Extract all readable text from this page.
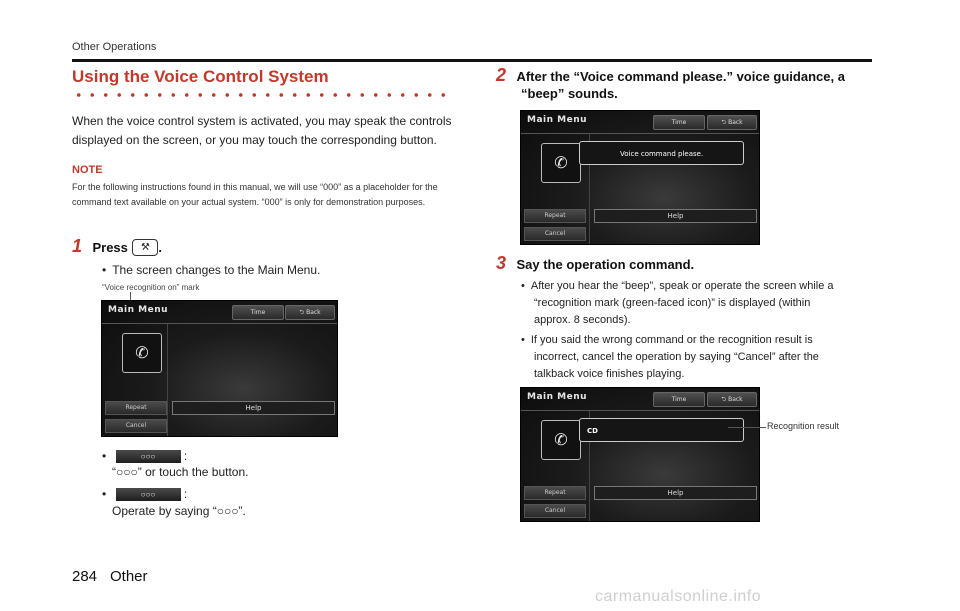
Other Operations
Using the Voice Control System
When the voice control system is activated, you may speak the controls displayed on the screen, or you may touch the corresponding button.
NOTE
For the following instructions found in this manual, we will use “000” as a placeholder for the command text available on your actual system. “000” is only for demonstration purposes.
1 Press ⚒ .
• The screen changes to the Main Menu.
“Voice recognition on” mark
Main Menu	Time	⮌ Back
✆
Repeat
Cancel
Help
•	○○○ :
“○○○” or touch the button.
•	○○○ :
Operate by saying “○○○”.
2 After the “Voice command please.” voice guidance, a
“beep” sounds.
Main Menu	Time	⮌ Back
✆	Voice command please.
Repeat
Cancel
Help
3 Say the operation command.
• After you hear the “beep”, speak or operate the screen while a
“recognition mark (green-faced icon)” is displayed (within
approx. 8 seconds).
• If you said the wrong command or the recognition result is
incorrect, cancel the operation by saying “Cancel” after the
talkback voice finishes playing.
Main Menu	Time	⮌ Back
✆	CD
Repeat
Cancel
Help
Recognition result
284 Other
carmanualsonline.info
